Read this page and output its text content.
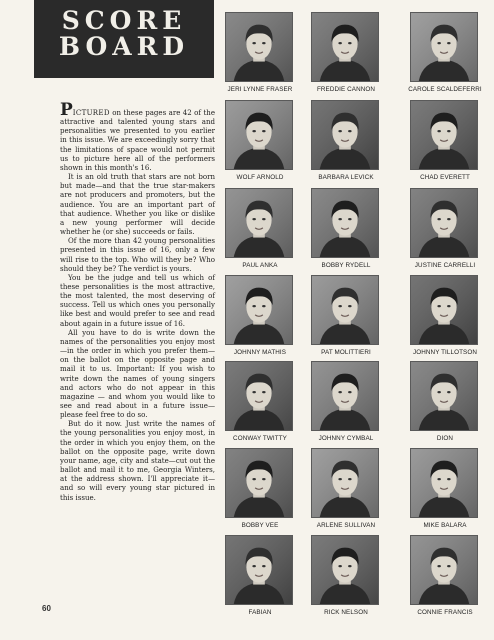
SCORE
BOARD

PICTURED on these pages are 42 of the attractive and talented young stars and personalities we presented to you earlier in this issue. We are exceedingly sorry that the limitations of space would not permit us to picture here all of the performers shown in this month's 16.

It is an old truth that stars are not born but made—and that the true star-makers are not producers and promoters, but the audience. You are an important part of that audience. Whether you like or dislike a new young performer will decide whether he (or she) succeeds or fails.

Of the more than 42 young personalities presented in this issue of 16, only a few will rise to the top. Who will they be? Who should they be? The verdict is yours.

You be the judge and tell us which of these personalities is the most attractive, the most talented, the most deserving of success. Tell us which ones you personally like best and would prefer to see and read about again in a future issue of 16.

All you have to do is write down the names of the personalities you enjoy most—in the order in which you prefer them—on the ballot on the opposite page and mail it to us. Important: If you wish to write down the names of young singers and actors who do not appear in this magazine — and whom you would like to see and read about in a future issue—please feel free to do so.

But do it now. Just write the names of the young personalities you enjoy most, in the order in which you enjoy them, on the ballot on the opposite page, write down your name, age, city and state—cut out the ballot and mail it to me, Georgia Winters, at the address shown. I'll appreciate it—and so will every young star pictured in this issue.

60
JERI LYNNE FRASER	FREDDIE CANNON	CAROLE SCALDEFERRI
WOLF ARNOLD	BARBARA LEVICK	CHAD EVERETT
PAUL ANKA	BOBBY RYDELL	JUSTINE CARRELLI
JOHNNY MATHIS	PAT MOLITTIERI	JOHNNY TILLOTSON
CONWAY TWITTY	JOHNNY CYMBAL	DION
BOBBY VEE	ARLENE SULLIVAN	MIKE BALARA
FABIAN	RICK NELSON	CONNIE FRANCIS
